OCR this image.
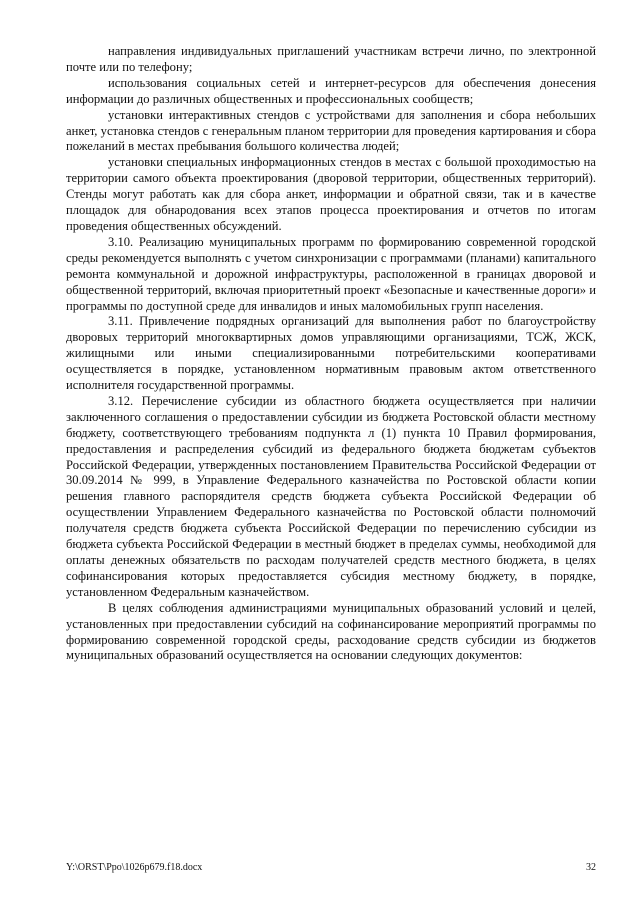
направления индивидуальных приглашений участникам встречи лично, по электронной почте или по телефону;

использования социальных сетей и интернет-ресурсов для обеспечения донесения информации до различных общественных и профессиональных сообществ;

установки интерактивных стендов с устройствами для заполнения и сбора небольших анкет, установка стендов с генеральным планом территории для проведения картирования и сбора пожеланий в местах пребывания большого количества людей;

установки специальных информационных стендов в местах с большой проходимостью на территории самого объекта проектирования (дворовой территории, общественных территорий). Стенды могут работать как для сбора анкет, информации и обратной связи, так и в качестве площадок для обнародования всех этапов процесса проектирования и отчетов по итогам проведения общественных обсуждений.

3.10. Реализацию муниципальных программ по формированию современной городской среды рекомендуется выполнять с учетом синхронизации с программами (планами) капитального ремонта коммунальной и дорожной инфраструктуры, расположенной в границах дворовой и общественной территорий, включая приоритетный проект «Безопасные и качественные дороги» и программы по доступной среде для инвалидов и иных маломобильных групп населения.

3.11. Привлечение подрядных организаций для выполнения работ по благоустройству дворовых территорий многоквартирных домов управляющими организациями, ТСЖ, ЖСК, жилищными или иными специализированными потребительскими кооперативами осуществляется в порядке, установленном нормативным правовым актом ответственного исполнителя государственной программы.

3.12. Перечисление субсидии из областного бюджета осуществляется при наличии заключенного соглашения о предоставлении субсидии из бюджета Ростовской области местному бюджету, соответствующего требованиям подпункта л (1) пункта 10 Правил формирования, предоставления и распределения субсидий из федерального бюджета бюджетам субъектов Российской Федерации, утвержденных постановлением Правительства Российской Федерации от 30.09.2014 № 999, в Управление Федерального казначейства по Ростовской области копии решения главного распорядителя средств бюджета субъекта Российской Федерации об осуществлении Управлением Федерального казначейства по Ростовской области полномочий получателя средств бюджета субъекта Российской Федерации по перечислению субсидии из бюджета субъекта Российской Федерации в местный бюджет в пределах суммы, необходимой для оплаты денежных обязательств по расходам получателей средств местного бюджета, в целях софинансирования которых предоставляется субсидия местному бюджету, в порядке, установленном Федеральным казначейством.

В целях соблюдения администрациями муниципальных образований условий и целей, установленных при предоставлении субсидий на софинансирование мероприятий программы по формированию современной городской среды, расходование средств субсидии из бюджетов муниципальных образований осуществляется на основании следующих документов:

Y:\ORST\Ppo\1026p679.f18.docx	32
